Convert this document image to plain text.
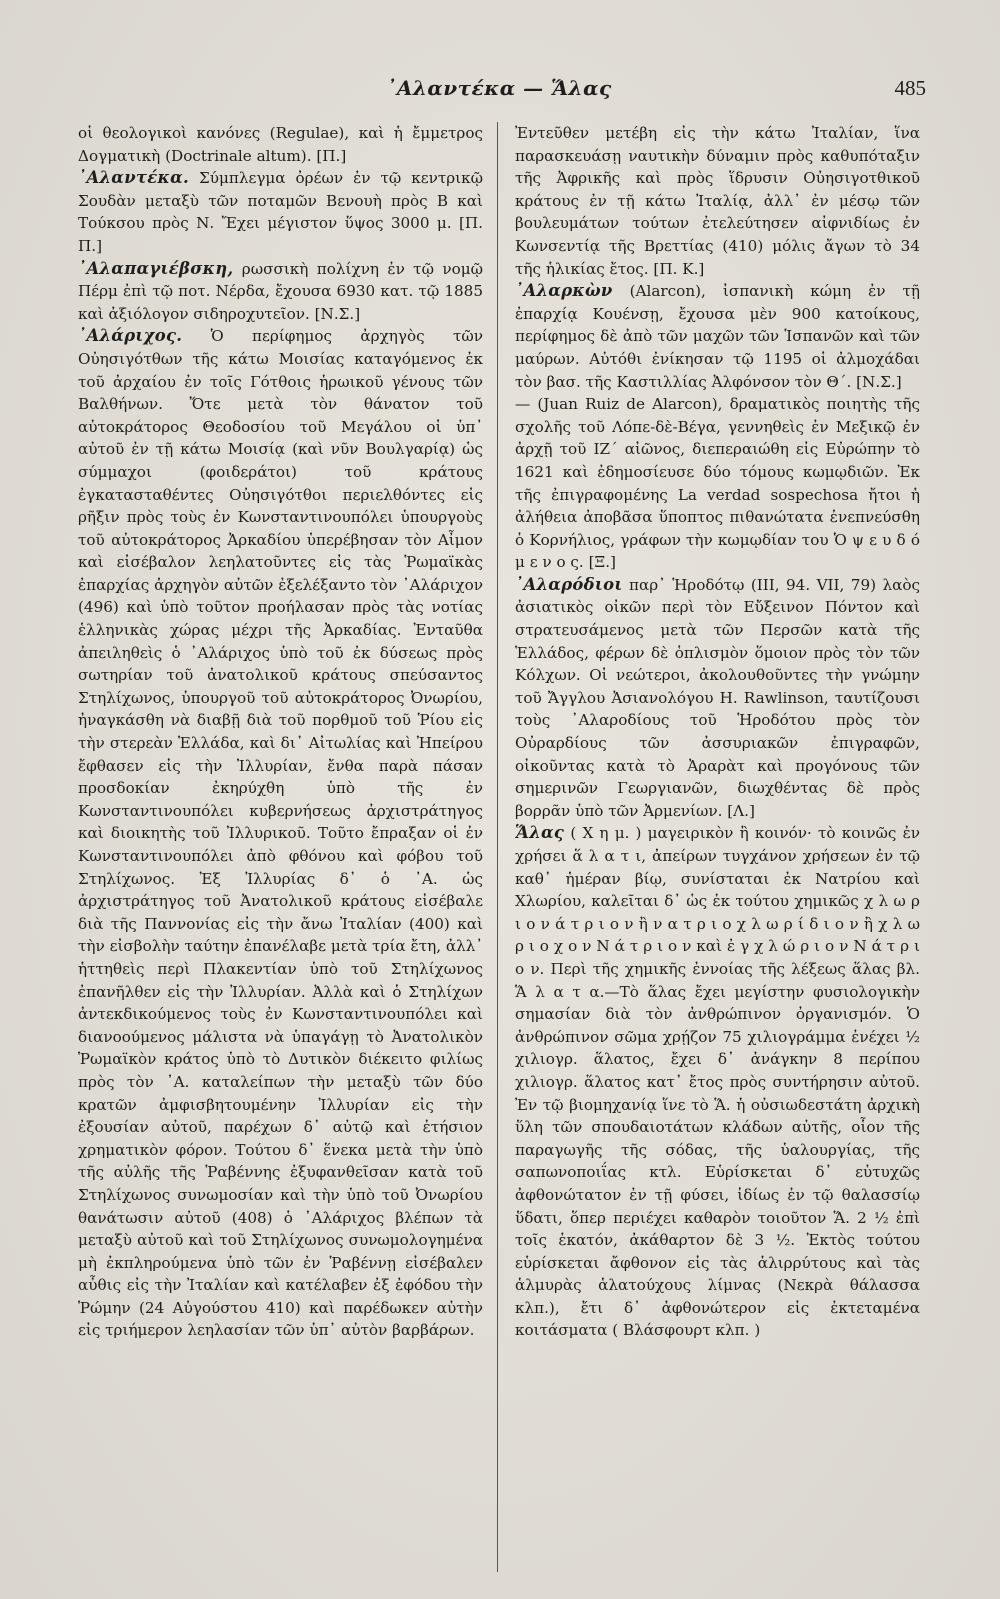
᾿Αλαντέκα — Ἅλας	485

οἱ θεολογικοὶ κανόνες (Regulae), καὶ ἡ ἔμμετρος Δογματικὴ (Doctrinale altum). [Π.]

᾿Αλαντέκα. Σύμπλεγμα ὀρέων ἐν τῷ κεντρικῷ Σουδὰν μεταξὺ τῶν ποταμῶν Βενουὴ πρὸς Β καὶ Τούκσου πρὸς Ν. Ἔχει μέγιστον ὕψος 3000 μ. [Π. Π.]

᾿Αλαπαγιέβσκη, ρωσσικὴ πολίχνη ἐν τῷ νομῷ Πέρμ ἐπὶ τῷ ποτ. Νέρδα, ἔχουσα 6930 κατ. τῷ 1885 καὶ ἀξιόλογον σιδηροχυτεῖον. [Ν.Σ.]

᾿Αλάριχος. Ὁ περίφημος ἀρχηγὸς τῶν Οὐησιγότθων τῆς κάτω Μοισίας καταγόμενος ἐκ τοῦ ἀρχαίου ἐν τοῖς Γότθοις ἡρωικοῦ γένους τῶν Βαλθήνων. Ὅτε μετὰ τὸν θάνατον τοῦ αὐτοκράτορος Θεοδοσίου τοῦ Μεγάλου οἱ ὑπ᾿ αὐτοῦ ἐν τῇ κάτω Μοισίᾳ (καὶ νῦν Βουλγαρίᾳ) ὡς σύμμαχοι (φοιδεράτοι) τοῦ κράτους ἐγκατασταθέντες Οὐησιγότθοι περιελθόντες εἰς ρῆξιν πρὸς τοὺς ἐν Κωνσταντινουπόλει ὑπουργοὺς τοῦ αὐτοκράτορος Ἀρκαδίου ὑπερέβησαν τὸν Αἶμον καὶ εἰσέβαλον λεηλατοῦντες εἰς τὰς Ῥωμαϊκὰς ἐπαρχίας ἀρχηγὸν αὐτῶν ἐξελέξαντο τὸν ᾿Αλάριχον (496) καὶ ὑπὸ τοῦτον προήλασαν πρὸς τὰς νοτίας ἑλληνικὰς χώρας μέχρι τῆς Ἀρκαδίας. Ἐνταῦθα ἀπειληθεὶς ὁ ᾿Αλάριχος ὑπὸ τοῦ ἐκ δύσεως πρὸς σωτηρίαν τοῦ ἀνατολικοῦ κράτους σπεύσαντος Στηλίχωνος, ὑπουργοῦ τοῦ αὐτοκράτορος Ὀνωρίου, ἠναγκάσθη νὰ διαβῇ διὰ τοῦ πορθμοῦ τοῦ Ῥίου εἰς τὴν στερεὰν Ἑλλάδα, καὶ δι᾿ Αἰτωλίας καὶ Ἠπείρου ἔφθασεν εἰς τὴν Ἰλλυρίαν, ἔνθα παρὰ πάσαν προσδοκίαν ἐκηρύχθη ὑπὸ τῆς ἐν Κωνσταντινουπόλει κυβερνήσεως ἀρχιστράτηγος καὶ διοικητὴς τοῦ Ἰλλυρικοῦ. Τοῦτο ἔπραξαν οἱ ἐν Κωνσταντινουπόλει ἀπὸ φθόνου καὶ φόβου τοῦ Στηλίχωνος. Ἐξ Ἰλλυρίας δ᾿ ὁ ᾿Α. ὡς ἀρχιστράτηγος τοῦ Ἀνατολικοῦ κράτους εἰσέβαλε διὰ τῆς Παννονίας εἰς τὴν ἄνω Ἰταλίαν (400) καὶ τὴν εἰσβολὴν ταύτην ἐπανέλαβε μετὰ τρία ἔτη, ἀλλ᾿ ἡττηθεὶς περὶ Πλακεντίαν ὑπὸ τοῦ Στηλίχωνος ἐπανῆλθεν εἰς τὴν Ἰλλυρίαν. Ἀλλὰ καὶ ὁ Στηλίχων ἀντεκδικούμενος τοὺς ἐν Κωνσταντινουπόλει καὶ διανοούμενος μάλιστα νὰ ὑπαγάγῃ τὸ Ἀνατολικὸν Ῥωμαϊκὸν κράτος ὑπὸ τὸ Δυτικὸν διέκειτο φιλίως πρὸς τὸν ᾿Α. καταλείπων τὴν μεταξὺ τῶν δύο κρατῶν ἀμφισβητουμένην Ἰλλυρίαν εἰς τὴν ἐξουσίαν αὐτοῦ, παρέχων δ᾿ αὐτῷ καὶ ἐτήσιον χρηματικὸν φόρον. Τούτου δ᾿ ἕνεκα μετὰ τὴν ὑπὸ τῆς αὐλῆς τῆς Ῥαβέννης ἐξυφανθεῖσαν κατὰ τοῦ Στηλίχωνος συνωμοσίαν καὶ τὴν ὑπὸ τοῦ Ὀνωρίου θανάτωσιν αὐτοῦ (408) ὁ ᾿Αλάριχος βλέπων τὰ μεταξὺ αὐτοῦ καὶ τοῦ Στηλίχωνος συνωμολογημένα μὴ ἐκπληρούμενα ὑπὸ τῶν ἐν Ῥαβέννῃ εἰσέβαλεν αὖθις εἰς τὴν Ἰταλίαν καὶ κατέλαβεν ἐξ ἐφόδου τὴν Ῥώμην (24 Αὐγούστου 410) καὶ παρέδωκεν αὐτὴν εἰς τριήμερον λεηλασίαν τῶν ὑπ᾿ αὐτὸν βαρβάρων.

Ἐντεῦθεν μετέβη εἰς τὴν κάτω Ἰταλίαν, ἵνα παρασκευάσῃ ναυτικὴν δύναμιν πρὸς καθυπόταξιν τῆς Ἀφρικῆς καὶ πρὸς ἵδρυσιν Οὐησιγοτθικοῦ κράτους ἐν τῇ κάτω Ἰταλίᾳ, ἀλλ᾿ ἐν μέσῳ τῶν βουλευμάτων τούτων ἐτελεύτησεν αἰφνιδίως ἐν Κωνσεντίᾳ τῆς Βρεττίας (410) μόλις ἄγων τὸ 34 τῆς ἡλικίας ἔτος. [Π. Κ.]

᾿Αλαρκὼν (Alarcon), ἱσπανικὴ κώμη ἐν τῇ ἐπαρχίᾳ Κουένσῃ, ἔχουσα μὲν 900 κατοίκους, περίφημος δὲ ἀπὸ τῶν μαχῶν τῶν Ἱσπανῶν καὶ τῶν μαύρων. Αὐτόθι ἐνίκησαν τῷ 1195 οἱ ἀλμοχάδαι τὸν βασ. τῆς Καστιλλίας Ἀλφόνσον τὸν Θ´. [Ν.Σ.]

— (Juan Ruiz de Alarcon), δραματικὸς ποιητὴς τῆς σχολῆς τοῦ Λόπε-δὲ-Βέγα, γεννηθεὶς ἐν Μεξικῷ ἐν ἀρχῇ τοῦ ΙΖ´ αἰῶνος, διεπεραιώθη εἰς Εὐρώπην τὸ 1621 καὶ ἐδημοσίευσε δύο τόμους κωμῳδιῶν. Ἐκ τῆς ἐπιγραφομένης La verdad sospechosa ἤτοι ἡ ἀλήθεια ἀποβᾶσα ὕποπτος πιθανώτατα ἐνεπνεύσθη ὁ Κορνήλιος, γράφων τὴν κωμῳδίαν του Ὁ ψ ε υ δ ό μ ε ν ο ς. [Ξ.]

᾿Αλαρόδιοι παρ᾿ Ἡροδότῳ (III, 94. VII, 79) λαὸς ἀσιατικὸς οἰκῶν περὶ τὸν Εὔξεινον Πόντον καὶ στρατευσάμενος μετὰ τῶν Περσῶν κατὰ τῆς Ἑλλάδος, φέρων δὲ ὁπλισμὸν ὅμοιον πρὸς τὸν τῶν Κόλχων. Οἱ νεώτεροι, ἀκολουθοῦντες τὴν γνώμην τοῦ Ἄγγλου Ἀσιανολόγου H. Rawlinson, ταυτίζουσι τοὺς ᾿Αλαροδίους τοῦ Ἡροδότου πρὸς τὸν Οὐραρδίους τῶν ἀσσυριακῶν ἐπιγραφῶν, οἰκοῦντας κατὰ τὸ Ἀραρὰτ καὶ προγόνους τῶν σημερινῶν Γεωργιανῶν, διωχθέντας δὲ πρὸς βορρᾶν ὑπὸ τῶν Ἀρμενίων. [Λ.]

Ἅλας ( Χ η μ. ) μαγειρικὸν ἢ κοινόν· τὸ κοινῶς ἐν χρήσει ἅ λ α τ ι, ἀπείρων τυγχάνον χρήσεων ἐν τῷ καθ᾿ ἡμέραν βίῳ, συνίσταται ἐκ Νατρίου καὶ Χλωρίου, καλεῖται δ᾿ ὡς ἐκ τούτου χημικῶς χ λ ω ρ ι ο ν ά τ ρ ι ο ν ἢ ν α τ ρ ι ο χ λ ω ρ ί δ ι ο ν ἢ χ λ ω ρ ι ο χ ο ν Ν ά τ ρ ι ο ν καὶ ἐ γ χ λ ώ ρ ι ο ν Ν ά τ ρ ι ο ν. Περὶ τῆς χημικῆς ἐννοίας τῆς λέξεως ἅλας βλ. Ἅ λ α τ α.—Τὸ ἅλας ἔχει μεγίστην φυσιολογικὴν σημασίαν διὰ τὸν ἀνθρώπινον ὀργανισμόν. Ὁ ἀνθρώπινον σῶμα χρῄζον 75 χιλιογράμμα ἐνέχει ½ χιλιογρ. ἅλατος, ἔχει δ᾿ ἀνάγκην 8 περίπου χιλιογρ. ἅλατος κατ᾿ ἔτος πρὸς συντήρησιν αὐτοῦ. Ἐν τῷ βιομηχανίᾳ ἵνε τὸ Ἅ. ἡ οὐσιωδεστάτη ἀρχικὴ ὕλη τῶν σπουδαιοτάτων κλάδων αὐτῆς, οἷον τῆς παραγωγῆς τῆς σόδας, τῆς ὑαλουργίας, τῆς σαπωνοποιΐας κτλ. Εὑρίσκεται δ᾿ εὐτυχῶς ἀφθονώτατον ἐν τῇ φύσει, ἰδίως ἐν τῷ θαλασσίῳ ὕδατι, ὅπερ περιέχει καθαρὸν τοιοῦτον Ἅ. 2 ½ ἐπὶ τοῖς ἑκατόν, ἀκάθαρτον δὲ 3 ½. Ἐκτὸς τούτου εὑρίσκεται ἄφθονον εἰς τὰς ἁλιρρύτους καὶ τὰς ἁλμυρὰς ἁλατούχους λίμνας (Νεκρὰ θάλασσα κλπ.), ἔτι δ᾿ ἀφθονώτερον εἰς ἐκτεταμένα κοιτάσματα ( Βλάσφουρτ κλπ. )
